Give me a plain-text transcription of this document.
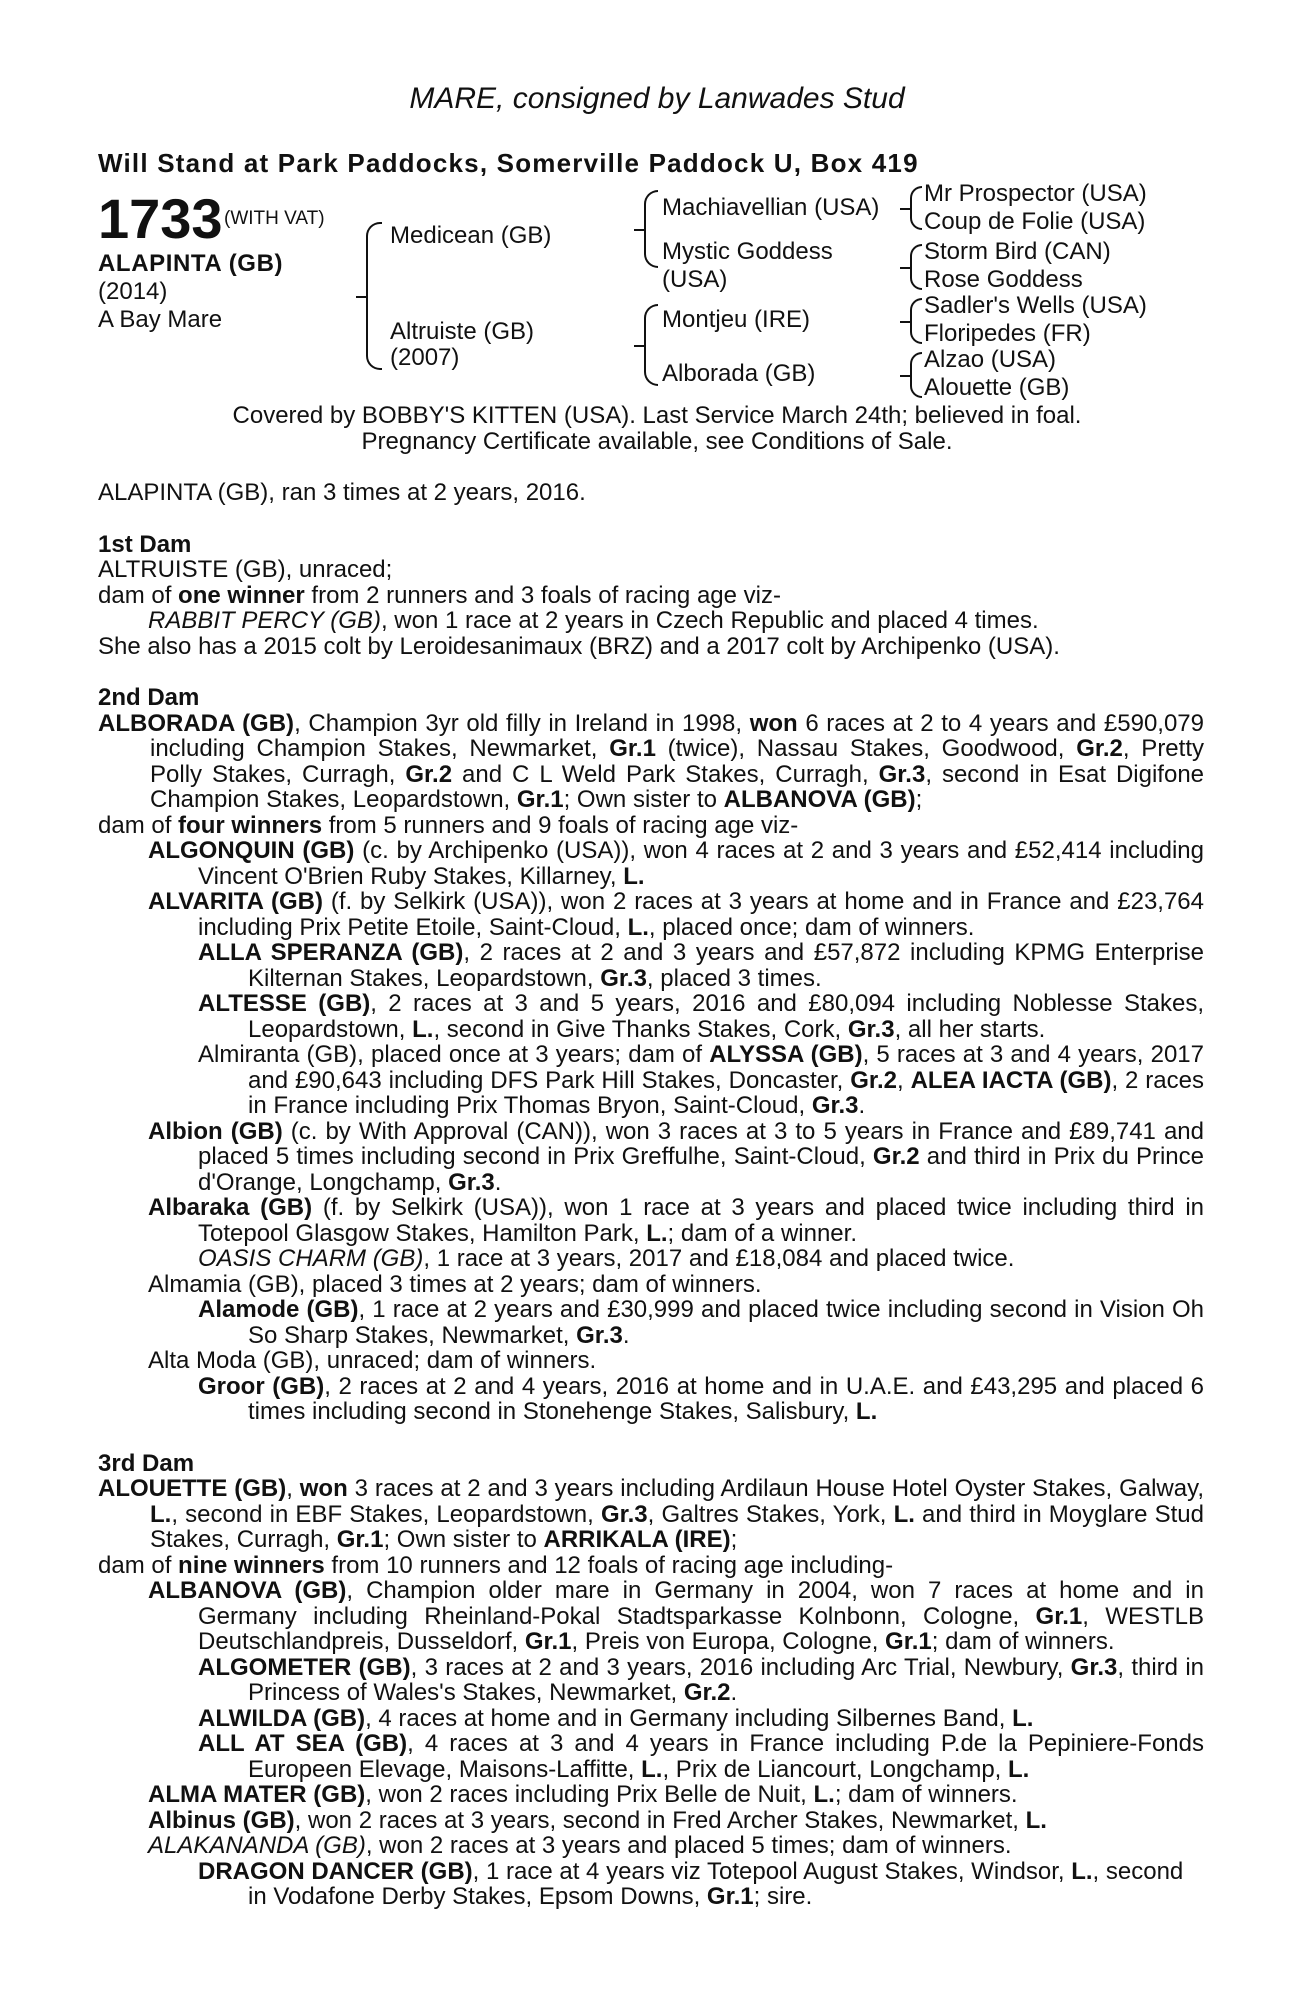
MARE, consigned by Lanwades Stud
Will Stand at Park Paddocks, Somerville Paddock U, Box 419
1733 (WITH VAT)
ALAPINTA (GB)
(2014)
A Bay Mare
Medicean (GB)
Altruiste (GB)
(2007)
Machiavellian (USA)
Mystic Goddess
(USA)
Montjeu (IRE)
Alborada (GB)
Mr Prospector (USA)
Coup de Folie (USA)
Storm Bird (CAN)
Rose Goddess
Sadler's Wells (USA)
Floripedes (FR)
Alzao (USA)
Alouette (GB)
Covered by BOBBY'S KITTEN (USA). Last Service March 24th; believed in foal.
Pregnancy Certificate available, see Conditions of Sale.

ALAPINTA (GB), ran 3 times at 2 years, 2016.

1st Dam

ALTRUISTE (GB), unraced;

dam of one winner from 2 runners and 3 foals of racing age viz-

RABBIT PERCY (GB), won 1 race at 2 years in Czech Republic and placed 4 times.

She also has a 2015 colt by Leroidesanimaux (BRZ) and a 2017 colt by Archipenko (USA).

2nd Dam

ALBORADA (GB), Champion 3yr old filly in Ireland in 1998, won 6 races at 2 to 4 years and £590,079 including Champion Stakes, Newmarket, Gr.1 (twice), Nassau Stakes, Goodwood, Gr.2, Pretty Polly Stakes, Curragh, Gr.2 and C L Weld Park Stakes, Curragh, Gr.3, second in Esat Digifone Champion Stakes, Leopardstown, Gr.1; Own sister to ALBANOVA (GB);

dam of four winners from 5 runners and 9 foals of racing age viz-

ALGONQUIN (GB) (c. by Archipenko (USA)), won 4 races at 2 and 3 years and £52,414 including Vincent O'Brien Ruby Stakes, Killarney, L.

ALVARITA (GB) (f. by Selkirk (USA)), won 2 races at 3 years at home and in France and £23,764 including Prix Petite Etoile, Saint-Cloud, L., placed once; dam of winners.

ALLA SPERANZA (GB), 2 races at 2 and 3 years and £57,872 including KPMG Enterprise Kilternan Stakes, Leopardstown, Gr.3, placed 3 times.

ALTESSE (GB), 2 races at 3 and 5 years, 2016 and £80,094 including Noblesse Stakes, Leopardstown, L., second in Give Thanks Stakes, Cork, Gr.3, all her starts.

Almiranta (GB), placed once at 3 years; dam of ALYSSA (GB), 5 races at 3 and 4 years, 2017 and £90,643 including DFS Park Hill Stakes, Doncaster, Gr.2, ALEA IACTA (GB), 2 races in France including Prix Thomas Bryon, Saint-Cloud, Gr.3.

Albion (GB) (c. by With Approval (CAN)), won 3 races at 3 to 5 years in France and £89,741 and placed 5 times including second in Prix Greffulhe, Saint-Cloud, Gr.2 and third in Prix du Prince d'Orange, Longchamp, Gr.3.

Albaraka (GB) (f. by Selkirk (USA)), won 1 race at 3 years and placed twice including third in Totepool Glasgow Stakes, Hamilton Park, L.; dam of a winner.

OASIS CHARM (GB), 1 race at 3 years, 2017 and £18,084 and placed twice.

Almamia (GB), placed 3 times at 2 years; dam of winners.

Alamode (GB), 1 race at 2 years and £30,999 and placed twice including second in Vision Oh So Sharp Stakes, Newmarket, Gr.3.

Alta Moda (GB), unraced; dam of winners.

Groor (GB), 2 races at 2 and 4 years, 2016 at home and in U.A.E. and £43,295 and placed 6 times including second in Stonehenge Stakes, Salisbury, L.

3rd Dam

ALOUETTE (GB), won 3 races at 2 and 3 years including Ardilaun House Hotel Oyster Stakes, Galway, L., second in EBF Stakes, Leopardstown, Gr.3, Galtres Stakes, York, L. and third in Moyglare Stud Stakes, Curragh, Gr.1; Own sister to ARRIKALA (IRE);

dam of nine winners from 10 runners and 12 foals of racing age including-

ALBANOVA (GB), Champion older mare in Germany in 2004, won 7 races at home and in Germany including Rheinland-Pokal Stadtsparkasse Kolnbonn, Cologne, Gr.1, WESTLB Deutschlandpreis, Dusseldorf, Gr.1, Preis von Europa, Cologne, Gr.1; dam of winners.

ALGOMETER (GB), 3 races at 2 and 3 years, 2016 including Arc Trial, Newbury, Gr.3, third in Princess of Wales's Stakes, Newmarket, Gr.2.

ALWILDA (GB), 4 races at home and in Germany including Silbernes Band, L.

ALL AT SEA (GB), 4 races at 3 and 4 years in France including P.de la Pepiniere-Fonds Europeen Elevage, Maisons-Laffitte, L., Prix de Liancourt, Longchamp, L.

ALMA MATER (GB), won 2 races including Prix Belle de Nuit, L.; dam of winners.

Albinus (GB), won 2 races at 3 years, second in Fred Archer Stakes, Newmarket, L.

ALAKANANDA (GB), won 2 races at 3 years and placed 5 times; dam of winners.

DRAGON DANCER (GB), 1 race at 4 years viz Totepool August Stakes, Windsor, L., second in Vodafone Derby Stakes, Epsom Downs, Gr.1; sire.
